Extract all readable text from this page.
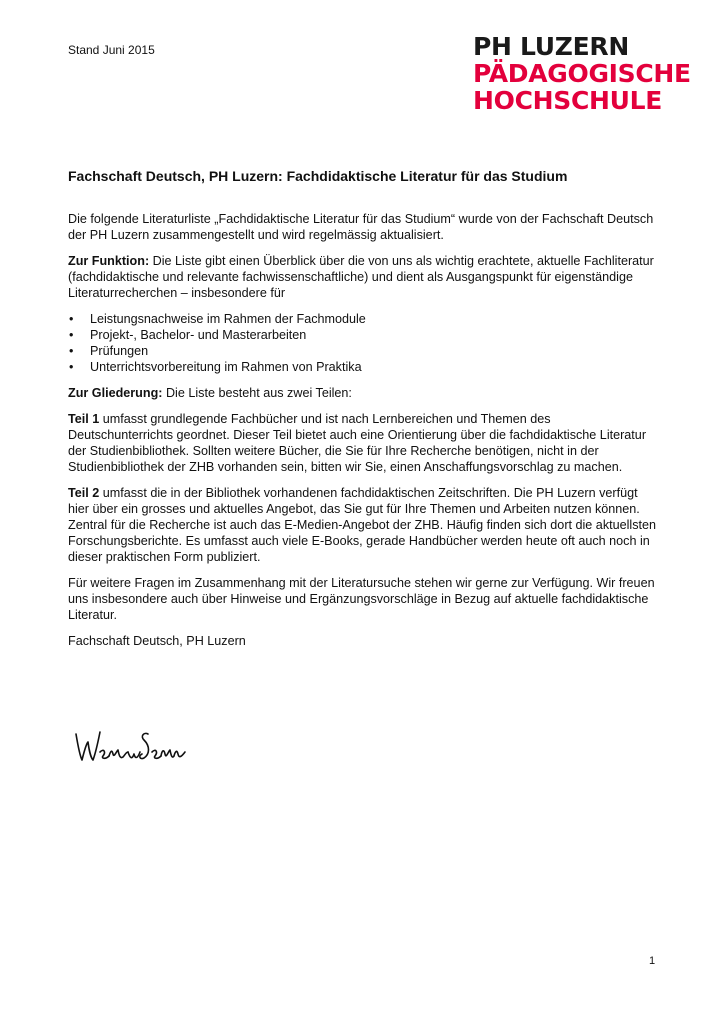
Stand Juni 2015	PH LUZERN
PÄDAGOGISCHE
HOCHSCHULE
Fachschaft Deutsch, PH Luzern: Fachdidaktische Literatur für das Studium

Die folgende Literaturliste „Fachdidaktische Literatur für das Studium“ wurde von der Fachschaft Deutsch der PH Luzern zusammengestellt und wird regelmässig aktualisiert.

Zur Funktion: Die Liste gibt einen Überblick über die von uns als wichtig erachtete, aktuelle Fachliteratur (fachdidaktische und relevante fachwissenschaftliche) und dient als Ausgangspunkt für eigenständige Literaturrecherchen – insbesondere für

• Leistungsnachweise im Rahmen der Fachmodule
• Projekt-, Bachelor- und Masterarbeiten
• Prüfungen
• Unterrichtsvorbereitung im Rahmen von Praktika

Zur Gliederung: Die Liste besteht aus zwei Teilen:

Teil 1 umfasst grundlegende Fachbücher und ist nach Lernbereichen und Themen des Deutschunterrichts geordnet. Dieser Teil bietet auch eine Orientierung über die fachdidaktische Literatur der Studienbibliothek. Sollten weitere Bücher, die Sie für Ihre Recherche benötigen, nicht in der Studienbibliothek der ZHB vorhanden sein, bitten wir Sie, einen Anschaffungsvorschlag zu machen.

Teil 2 umfasst die in der Bibliothek vorhandenen fachdidaktischen Zeitschriften. Die PH Luzern verfügt hier über ein grosses und aktuelles Angebot, das Sie gut für Ihre Themen und Arbeiten nutzen können. Zentral für die Recherche ist auch das E-Medien-Angebot der ZHB. Häufig finden sich dort die aktuellsten Forschungsberichte. Es umfasst auch viele E-Books, gerade Handbücher werden heute oft auch noch in dieser praktischen Form publiziert.

Für weitere Fragen im Zusammenhang mit der Literatursuche stehen wir gerne zur Verfügung. Wir freuen uns insbesondere auch über Hinweise und Ergänzungsvorschläge in Bezug auf aktuelle fachdidaktische Literatur.

Fachschaft Deutsch, PH Luzern

1
